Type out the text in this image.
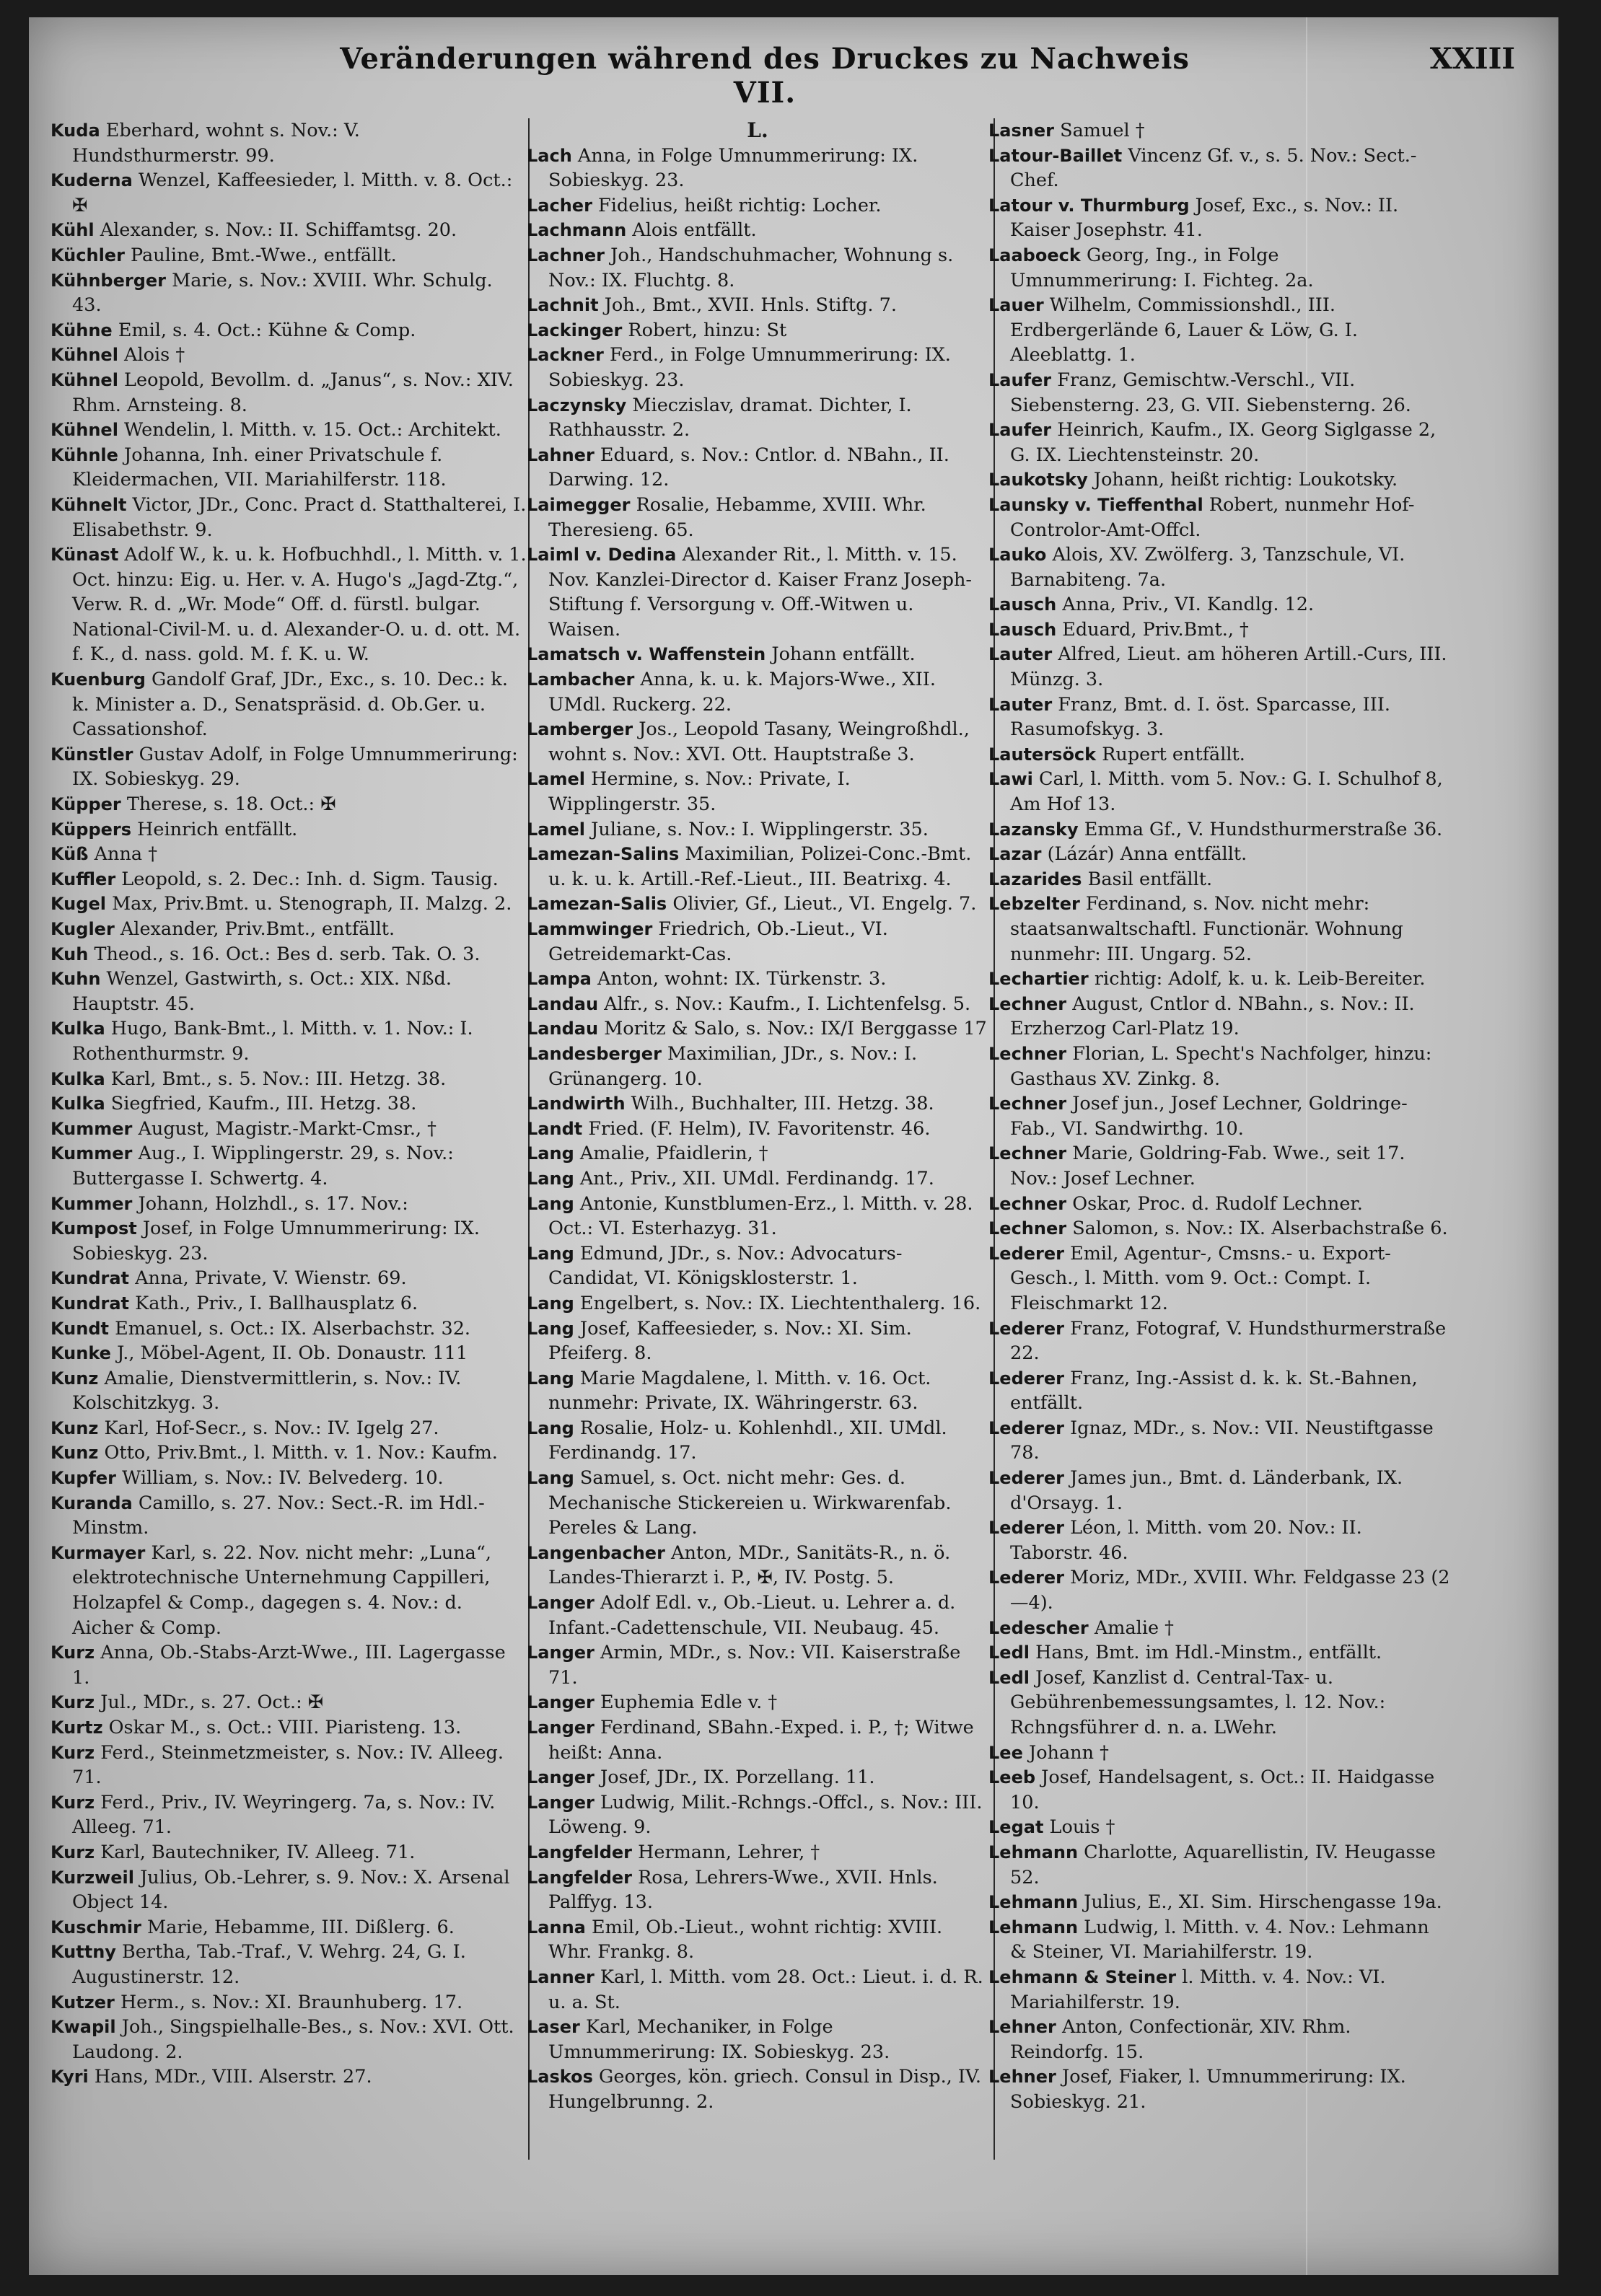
Veränderungen während des Druckes zu Nachweis VII.
XXIII

Kuda Eberhard, wohnt s. Nov.: V. Hundsthurmerstr. 99.

Kuderna Wenzel, Kaffeesieder, l. Mitth. v. 8. Oct.: ✠

Kühl Alexander, s. Nov.: II. Schiffamtsg. 20.

Küchler Pauline, Bmt.-Wwe., entfällt.

Kühnberger Marie, s. Nov.: XVIII. Whr. Schulg. 43.

Kühne Emil, s. 4. Oct.: Kühne & Comp.

Kühnel Alois †

Kühnel Leopold, Bevollm. d. „Janus“, s. Nov.: XIV. Rhm. Arnsteing. 8.

Kühnel Wendelin, l. Mitth. v. 15. Oct.: Architekt.

Kühnle Johanna, Inh. einer Privatschule f. Kleidermachen, VII. Mariahilferstr. 118.

Kühnelt Victor, JDr., Conc. Pract d. Statthalterei, I. Elisabethstr. 9.

Künast Adolf W., k. u. k. Hofbuchhdl., l. Mitth. v. 1. Oct. hinzu: Eig. u. Her. v. A. Hugo's „Jagd-Ztg.“, Verw. R. d. „Wr. Mode“ Off. d. fürstl. bulgar. National-Civil-M. u. d. Alexander-O. u. d. ott. M. f. K., d. nass. gold. M. f. K. u. W.

Kuenburg Gandolf Graf, JDr., Exc., s. 10. Dec.: k. k. Minister a. D., Senatspräsid. d. Ob.Ger. u. Cassationshof.

Künstler Gustav Adolf, in Folge Umnummerirung: IX. Sobieskyg. 29.

Küpper Therese, s. 18. Oct.: ✠

Küppers Heinrich entfällt.

Küß Anna †

Kuffler Leopold, s. 2. Dec.: Inh. d. Sigm. Tausig.

Kugel Max, Priv.Bmt. u. Stenograph, II. Malzg. 2.

Kugler Alexander, Priv.Bmt., entfällt.

Kuh Theod., s. 16. Oct.: Bes d. serb. Tak. O. 3.

Kuhn Wenzel, Gastwirth, s. Oct.: XIX. Nßd. Hauptstr. 45.

Kulka Hugo, Bank-Bmt., l. Mitth. v. 1. Nov.: I. Rothenthurmstr. 9.

Kulka Karl, Bmt., s. 5. Nov.: III. Hetzg. 38.

Kulka Siegfried, Kaufm., III. Hetzg. 38.

Kummer August, Magistr.-Markt-Cmsr., †

Kummer Aug., I. Wipplingerstr. 29, s. Nov.: Buttergasse I. Schwertg. 4.

Kummer Johann, Holzhdl., s. 17. Nov.:

Kumpost Josef, in Folge Umnummerirung: IX. Sobieskyg. 23.

Kundrat Anna, Private, V. Wienstr. 69.

Kundrat Kath., Priv., I. Ballhausplatz 6.

Kundt Emanuel, s. Oct.: IX. Alserbachstr. 32.

Kunke J., Möbel-Agent, II. Ob. Donaustr. 111

Kunz Amalie, Dienstvermittlerin, s. Nov.: IV. Kolschitzkyg. 3.

Kunz Karl, Hof-Secr., s. Nov.: IV. Igelg 27.

Kunz Otto, Priv.Bmt., l. Mitth. v. 1. Nov.: Kaufm.

Kupfer William, s. Nov.: IV. Belvederg. 10.

Kuranda Camillo, s. 27. Nov.: Sect.-R. im Hdl.-Minstm.

Kurmayer Karl, s. 22. Nov. nicht mehr: „Luna“, elektrotechnische Unternehmung Cappilleri, Holzapfel & Comp., dagegen s. 4. Nov.: d. Aicher & Comp.

Kurz Anna, Ob.-Stabs-Arzt-Wwe., III. Lagergasse 1.

Kurz Jul., MDr., s. 27. Oct.: ✠

Kurtz Oskar M., s. Oct.: VIII. Piaristeng. 13.

Kurz Ferd., Steinmetzmeister, s. Nov.: IV. Alleeg. 71.

Kurz Ferd., Priv., IV. Weyringerg. 7a, s. Nov.: IV. Alleeg. 71.

Kurz Karl, Bautechniker, IV. Alleeg. 71.

Kurzweil Julius, Ob.-Lehrer, s. 9. Nov.: X. Arsenal Object 14.

Kuschmir Marie, Hebamme, III. Dißlerg. 6.

Kuttny Bertha, Tab.-Traf., V. Wehrg. 24, G. I. Augustinerstr. 12.

Kutzer Herm., s. Nov.: XI. Braunhuberg. 17.

Kwapil Joh., Singspielhalle-Bes., s. Nov.: XVI. Ott. Laudong. 2.

Kyri Hans, MDr., VIII. Alserstr. 27.

L.

Lach Anna, in Folge Umnummerirung: IX. Sobieskyg. 23.

Lacher Fidelius, heißt richtig: Locher.

Lachmann Alois entfällt.

Lachner Joh., Handschuhmacher, Wohnung s. Nov.: IX. Fluchtg. 8.

Lachnit Joh., Bmt., XVII. Hnls. Stiftg. 7.

Lackinger Robert, hinzu: St

Lackner Ferd., in Folge Umnummerirung: IX. Sobieskyg. 23.

Laczynsky Mieczislav, dramat. Dichter, I. Rathhausstr. 2.

Lahner Eduard, s. Nov.: Cntlor. d. NBahn., II. Darwing. 12.

Laimegger Rosalie, Hebamme, XVIII. Whr. Theresieng. 65.

Laiml v. Dedina Alexander Rit., l. Mitth. v. 15. Nov. Kanzlei-Director d. Kaiser Franz Joseph-Stiftung f. Versorgung v. Off.-Witwen u. Waisen.

Lamatsch v. Waffenstein Johann entfällt.

Lambacher Anna, k. u. k. Majors-Wwe., XII. UMdl. Ruckerg. 22.

Lamberger Jos., Leopold Tasany, Weingroßhdl., wohnt s. Nov.: XVI. Ott. Hauptstraße 3.

Lamel Hermine, s. Nov.: Private, I. Wipplingerstr. 35.

Lamel Juliane, s. Nov.: I. Wipplingerstr. 35.

Lamezan-Salins Maximilian, Polizei-Conc.-Bmt. u. k. u. k. Artill.-Ref.-Lieut., III. Beatrixg. 4.

Lamezan-Salis Olivier, Gf., Lieut., VI. Engelg. 7.

Lammwinger Friedrich, Ob.-Lieut., VI. Getreidemarkt-Cas.

Lampa Anton, wohnt: IX. Türkenstr. 3.

Landau Alfr., s. Nov.: Kaufm., I. Lichtenfelsg. 5.

Landau Moritz & Salo, s. Nov.: IX/I Berggasse 17

Landesberger Maximilian, JDr., s. Nov.: I. Grünangerg. 10.

Landwirth Wilh., Buchhalter, III. Hetzg. 38.

Landt Fried. (F. Helm), IV. Favoritenstr. 46.

Lang Amalie, Pfaidlerin, †

Lang Ant., Priv., XII. UMdl. Ferdinandg. 17.

Lang Antonie, Kunstblumen-Erz., l. Mitth. v. 28. Oct.: VI. Esterhazyg. 31.

Lang Edmund, JDr., s. Nov.: Advocaturs-Candidat, VI. Königsklosterstr. 1.

Lang Engelbert, s. Nov.: IX. Liechtenthalerg. 16.

Lang Josef, Kaffeesieder, s. Nov.: XI. Sim. Pfeiferg. 8.

Lang Marie Magdalene, l. Mitth. v. 16. Oct. nunmehr: Private, IX. Währingerstr. 63.

Lang Rosalie, Holz- u. Kohlenhdl., XII. UMdl. Ferdinandg. 17.

Lang Samuel, s. Oct. nicht mehr: Ges. d. Mechanische Stickereien u. Wirkwarenfab. Pereles & Lang.

Langenbacher Anton, MDr., Sanitäts-R., n. ö. Landes-Thierarzt i. P., ✠, IV. Postg. 5.

Langer Adolf Edl. v., Ob.-Lieut. u. Lehrer a. d. Infant.-Cadettenschule, VII. Neubaug. 45.

Langer Armin, MDr., s. Nov.: VII. Kaiserstraße 71.

Langer Euphemia Edle v. †

Langer Ferdinand, SBahn.-Exped. i. P., †; Witwe heißt: Anna.

Langer Josef, JDr., IX. Porzellang. 11.

Langer Ludwig, Milit.-Rchngs.-Offcl., s. Nov.: III. Löweng. 9.

Langfelder Hermann, Lehrer, †

Langfelder Rosa, Lehrers-Wwe., XVII. Hnls. Palffyg. 13.

Lanna Emil, Ob.-Lieut., wohnt richtig: XVIII. Whr. Frankg. 8.

Lanner Karl, l. Mitth. vom 28. Oct.: Lieut. i. d. R. u. a. St.

Laser Karl, Mechaniker, in Folge Umnummerirung: IX. Sobieskyg. 23.

Laskos Georges, kön. griech. Consul in Disp., IV. Hungelbrunng. 2.

Lasner Samuel †

Latour-Baillet Vincenz Gf. v., s. 5. Nov.: Sect.-Chef.

Latour v. Thurmburg Josef, Exc., s. Nov.: II. Kaiser Josephstr. 41.

Laaboeck Georg, Ing., in Folge Umnummerirung: I. Fichteg. 2a.

Lauer Wilhelm, Commissionshdl., III. Erdbergerlände 6, Lauer & Löw, G. I. Aleeblattg. 1.

Laufer Franz, Gemischtw.-Verschl., VII. Siebensterng. 23, G. VII. Siebensterng. 26.

Laufer Heinrich, Kaufm., IX. Georg Siglgasse 2, G. IX. Liechtensteinstr. 20.

Laukotsky Johann, heißt richtig: Loukotsky.

Launsky v. Tieffenthal Robert, nunmehr Hof-Controlor-Amt-Offcl.

Lauko Alois, XV. Zwölferg. 3, Tanzschule, VI. Barnabiteng. 7a.

Lausch Anna, Priv., VI. Kandlg. 12.

Lausch Eduard, Priv.Bmt., †

Lauter Alfred, Lieut. am höheren Artill.-Curs, III. Münzg. 3.

Lauter Franz, Bmt. d. I. öst. Sparcasse, III. Rasumofskyg. 3.

Lautersöck Rupert entfällt.

Lawi Carl, l. Mitth. vom 5. Nov.: G. I. Schulhof 8, Am Hof 13.

Lazansky Emma Gf., V. Hundsthurmerstraße 36.

Lazar (Lázár) Anna entfällt.

Lazarides Basil entfällt.

Lebzelter Ferdinand, s. Nov. nicht mehr: staatsanwaltschaftl. Functionär. Wohnung nunmehr: III. Ungarg. 52.

Lechartier richtig: Adolf, k. u. k. Leib-Bereiter.

Lechner August, Cntlor d. NBahn., s. Nov.: II. Erzherzog Carl-Platz 19.

Lechner Florian, L. Specht's Nachfolger, hinzu: Gasthaus XV. Zinkg. 8.

Lechner Josef jun., Josef Lechner, Goldringe-Fab., VI. Sandwirthg. 10.

Lechner Marie, Goldring-Fab. Wwe., seit 17. Nov.: Josef Lechner.

Lechner Oskar, Proc. d. Rudolf Lechner.

Lechner Salomon, s. Nov.: IX. Alserbachstraße 6.

Lederer Emil, Agentur-, Cmsns.- u. Export-Gesch., l. Mitth. vom 9. Oct.: Compt. I. Fleischmarkt 12.

Lederer Franz, Fotograf, V. Hundsthurmerstraße 22.

Lederer Franz, Ing.-Assist d. k. k. St.-Bahnen, entfällt.

Lederer Ignaz, MDr., s. Nov.: VII. Neustiftgasse 78.

Lederer James jun., Bmt. d. Länderbank, IX. d'Orsayg. 1.

Lederer Léon, l. Mitth. vom 20. Nov.: II. Taborstr. 46.

Lederer Moriz, MDr., XVIII. Whr. Feldgasse 23 (2—4).

Ledescher Amalie †

Ledl Hans, Bmt. im Hdl.-Minstm., entfällt.

Ledl Josef, Kanzlist d. Central-Tax- u. Gebührenbemessungsamtes, l. 12. Nov.: Rchngsführer d. n. a. LWehr.

Lee Johann †

Leeb Josef, Handelsagent, s. Oct.: II. Haidgasse 10.

Legat Louis †

Lehmann Charlotte, Aquarellistin, IV. Heugasse 52.

Lehmann Julius, E., XI. Sim. Hirschengasse 19a.

Lehmann Ludwig, l. Mitth. v. 4. Nov.: Lehmann & Steiner, VI. Mariahilferstr. 19.

Lehmann & Steiner l. Mitth. v. 4. Nov.: VI. Mariahilferstr. 19.

Lehner Anton, Confectionär, XIV. Rhm. Reindorfg. 15.

Lehner Josef, Fiaker, l. Umnummerirung: IX. Sobieskyg. 21.
